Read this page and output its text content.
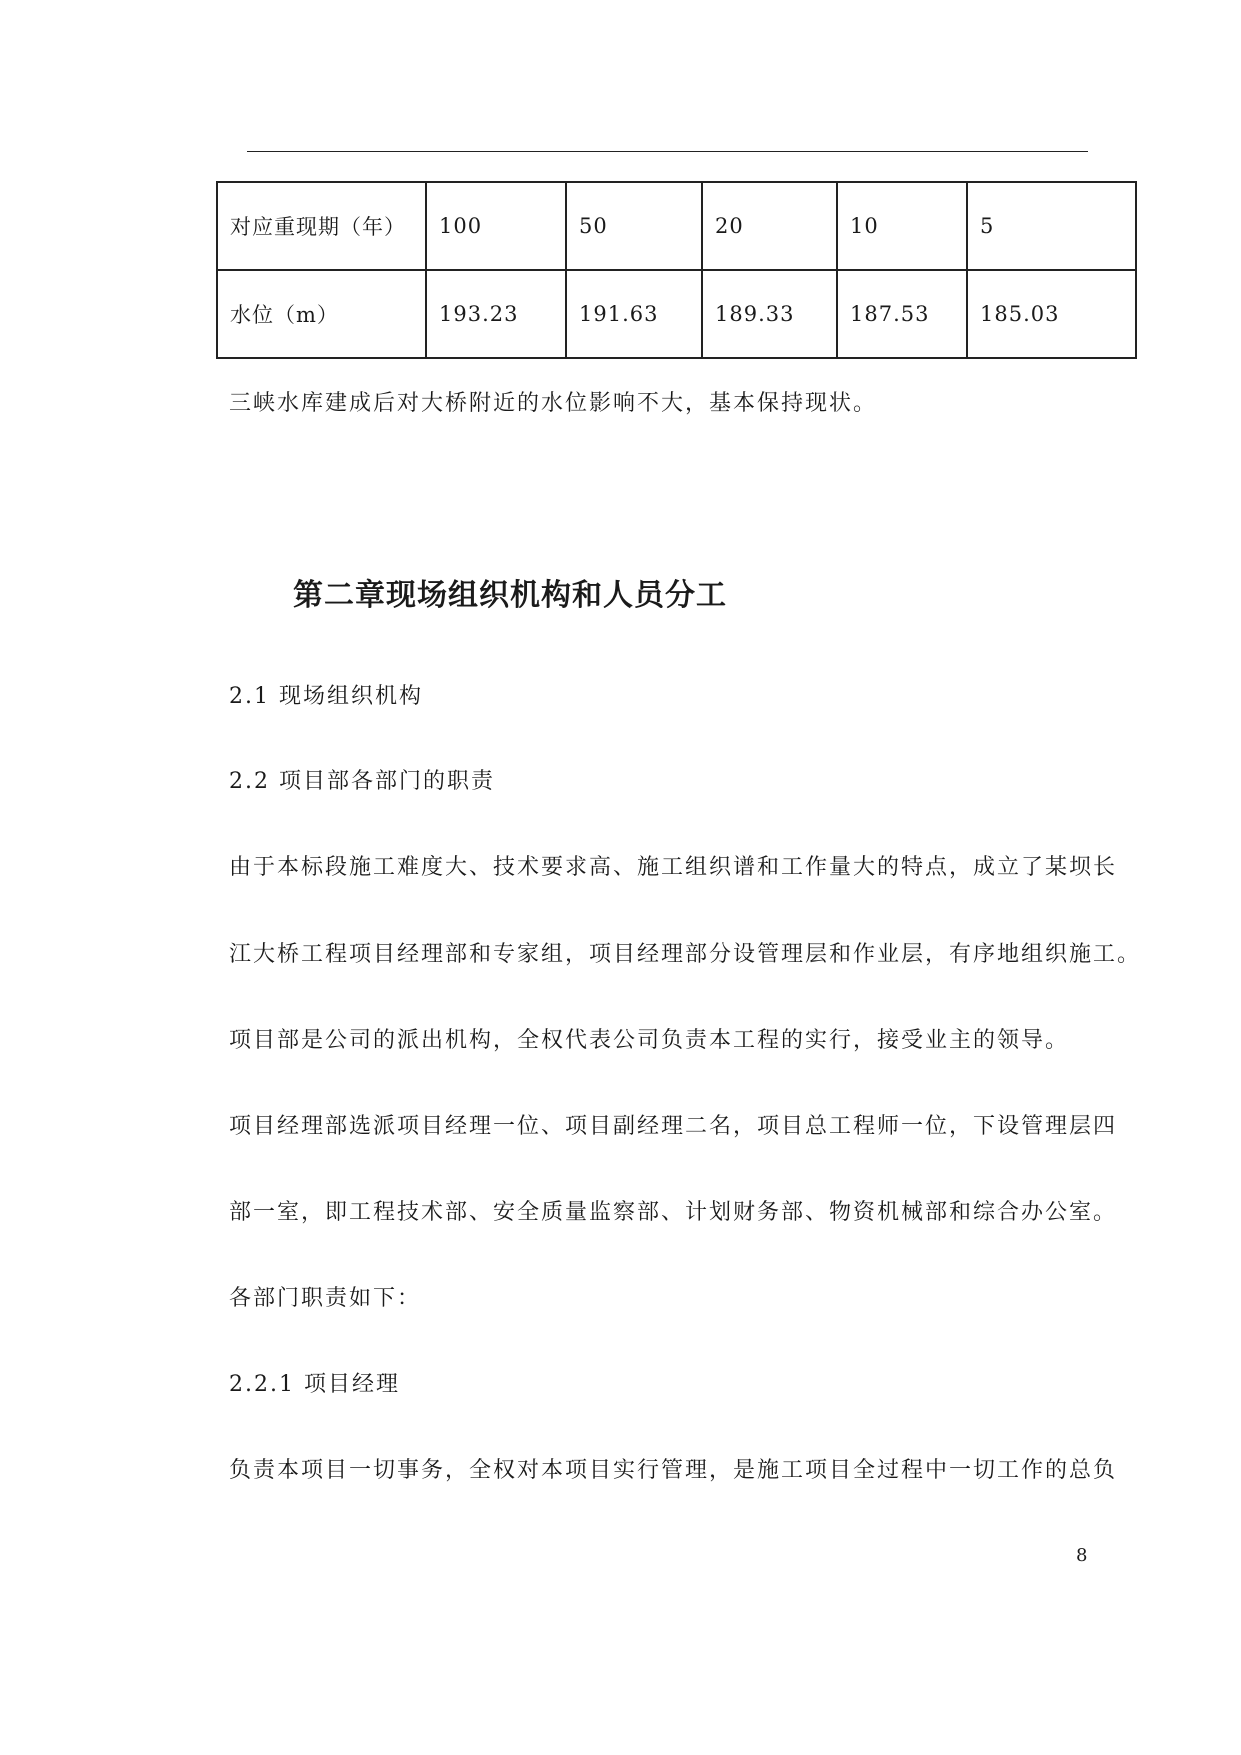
对应重现期（年）	100	50	20	10	5
水位（m）	193.23	191.63	189.33	187.53	185.03
三峡水库建成后对大桥附近的水位影响不大，基本保持现状。
第二章现场组织机构和人员分工
2.1 现场组织机构
2.2 项目部各部门的职责
由于本标段施工难度大、技术要求高、施工组织谱和工作量大的特点，成立了某坝长
江大桥工程项目经理部和专家组，项目经理部分设管理层和作业层，有序地组织施工。
项目部是公司的派出机构，全权代表公司负责本工程的实行，接受业主的领导。
项目经理部选派项目经理一位、项目副经理二名，项目总工程师一位，下设管理层四
部一室，即工程技术部、安全质量监察部、计划财务部、物资机械部和综合办公室。
各部门职责如下：
2.2.1 项目经理
负责本项目一切事务，全权对本项目实行管理，是施工项目全过程中一切工作的总负
8
